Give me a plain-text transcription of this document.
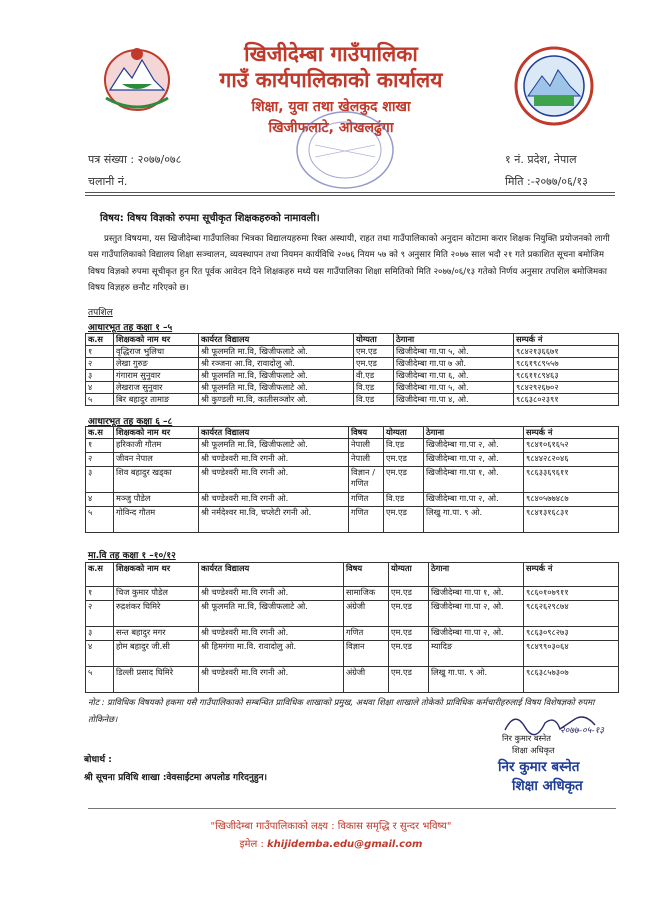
खिजीदेम्बा गाउँपालिका
गाउँ कार्यपालिकाको कार्यालय
शिक्षा, युवा तथा खेलकुद शाखा
खिजीफलाटे, ओखलढुंगा
पत्र संख्या : २०७७/०७८
चलानी नं.
१ नं. प्रदेश, नेपाल
मिति :-२०७७/०६/१३
विषय: विषय विज्ञको रुपमा सूचीकृत शिक्षकहरुको नामावली।
प्रस्तुत विषयमा, यस खिजीदेम्बा गाउँपालिका भित्रका विद्यालयहरुमा रिक्त अस्थायी, राहत तथा गाउँपालिकाको अनुदान कोटामा करार शिक्षक नियुक्ति प्रयोजनको लागी यस गाउँपालिकाको विद्यालय शिक्षा सञ्चालन, व्यवस्थापन तथा नियमन कार्यविधि २०७६ नियम ५७ को ९ अनुसार मिति २०७७ साल भदौ २१ गते प्रकाशित सूचना बमोजिम विषय विज्ञको रुपमा सूचीकृत हुन रित पूर्वक आवेदन दिने शिक्षकहरु मध्ये यस गाउँपालिका शिक्षा समितिको मिति २०७७/०६/१३ गतेको निर्णय अनुसार तपशिल बमोजिमका विषय विज्ञहरु छनौट गरिएको छ।
तपशिल
आधारभूत तह कक्षा १ –५
क.स	शिक्षकको नाम थर	कार्यरत विद्यालय	योग्यता	ठेगाना	सम्पर्क नं
१	वृद्धिराज भुलिचा	श्री फूलमति मा.वि, खिजीफलाटे ओ.	एम.एड	खिजीदेम्बा गा.पा ५, ओ.	९८४२१३६६७१
२	लेखा गुरुङ	श्री रञ्जना आ.वि, रावादोलु ओ.	एम.एड	खिजीदेम्बा गा.पा ७ ओ.	९८६१९८९५५७
३	गंगाराम सुनुवार	श्री फूलमति मा.वि, खिजीफलाटे ओ.	वी.एड	खिजीदेम्बा गा.पा ६, ओ.	९८६११८९४६३
४	लेखराज सुनुवार	श्री फूलमति मा.वि, खिजीफलाटे ओ.	वि.एड	खिजीदेम्बा गा.पा ५, ओ.	९८४२९२६७०२
५	बिर बहादुर तामाङ	श्री कुण्डली मा.वि, कातीसञ्जोर ओ.	वि.एड	खिजीदेम्बा गा.पा ४, ओ.	९८६३८०२३९१
आधारभूत तह कक्षा ६ –८
क.स	शिक्षकको नाम थर	कार्यरत विद्यालय	विषय	योग्यता	ठेगाना	सम्पर्क नं
१	हरिकाजी गौतम	श्री फूलमति मा.वि, खिजीफलाटे ओ.	नेपाली	वि.एड	खिजीदेम्बा गा.पा २, ओ.	९८४१०६१६५२
२	जीवन नेपाल	श्री चण्डेश्वरी मा.वि रगनी ओ.	नेपाली	एम.एड	खिजीदेम्बा गा.पा २, ओ.	९८४४२८२०४६
३	शिव बहादुर खड्का	श्री चण्डेश्वरी मा.वि रगनी ओ.	विज्ञान /गणित	एम.एड	खिजीदेम्बा गा.पा १, ओ.	९८६३३६९६११
४	मञ्जु पौडेल	श्री चण्डेश्वरी मा.वि रगनी ओ.	गणित	वि.एड	खिजीदेम्बा गा.पा २, ओ.	९८४०५७७४८७
५	गोविन्द गौतम	श्री नर्मदेश्वर मा.वि, चप्लेटी रगनी ओ.	गणित	एम.एड	लिखु गा.पा. ९ ओ.	९८४१३१६८३१
मा.वि तह कक्षा १ –१०/१२
क.स	शिक्षकको नाम थर	कार्यरत विद्यालय	विषय	योग्यता	ठेगाना	सम्पर्क नं
१	चिज कुमार पौडेल	श्री चण्डेश्वरी मा.वि रगनी ओ.	सामाजिक	एम.एड	खिजीदेम्बा गा.पा १, ओ.	९८६०१०७९११
२	रुद्रशंकर घिमिरे	श्री फूलमति मा.वि, खिजीफलाटे ओ.	अंग्रेजी	एम.एड	खिजीदेम्बा गा.पा २, ओ.	९८६२६२९८७४
३	सन्त बहादुर मगर	श्री चण्डेश्वरी मा.वि रगनी ओ.	गणित	एम.एड	खिजीदेम्बा गा.पा २, ओ.	९८६३०९८२७३
४	होम बहादुर जी.सी	श्री हिमगंगा मा.वि. रावादोलु ओ.	विज्ञान	एम.एड	म्यादिङ	९८४९९०३०६४
५	डिल्ली प्रसाद घिमिरे	श्री चण्डेश्वरी मा.वि रगनी ओ.	अंग्रेजी	एम.एड	लिखु गा.पा. ९ ओ.	९८६३८५७३०७
नोट : प्राविधिक विषयको हकमा यसै गाउँपालिकाको सम्बन्धित प्राविधिक शाखाको प्रमुख, अथवा शिक्षा शाखाले तोकेको प्राविधिक कर्मचारीहरुलाई विषय विशेषज्ञको रुपमा तोकिनेछ।
२०७७-०५-१३
निर कुमार बस्नेत
शिक्षा अधिकृत
निर कुमार बस्नेत
शिक्षा अधिकृत
बोधार्थ :
श्री सूचना प्रविधि शाखा :वेवसाईटमा अपलोड गरिदनुहुन।
"खिजीदेम्बा गाउँपालिकाको लक्ष्य : विकास समृद्धि र सुन्दर भविष्य"
इमेल : khijidemba.edu@gmail.com
